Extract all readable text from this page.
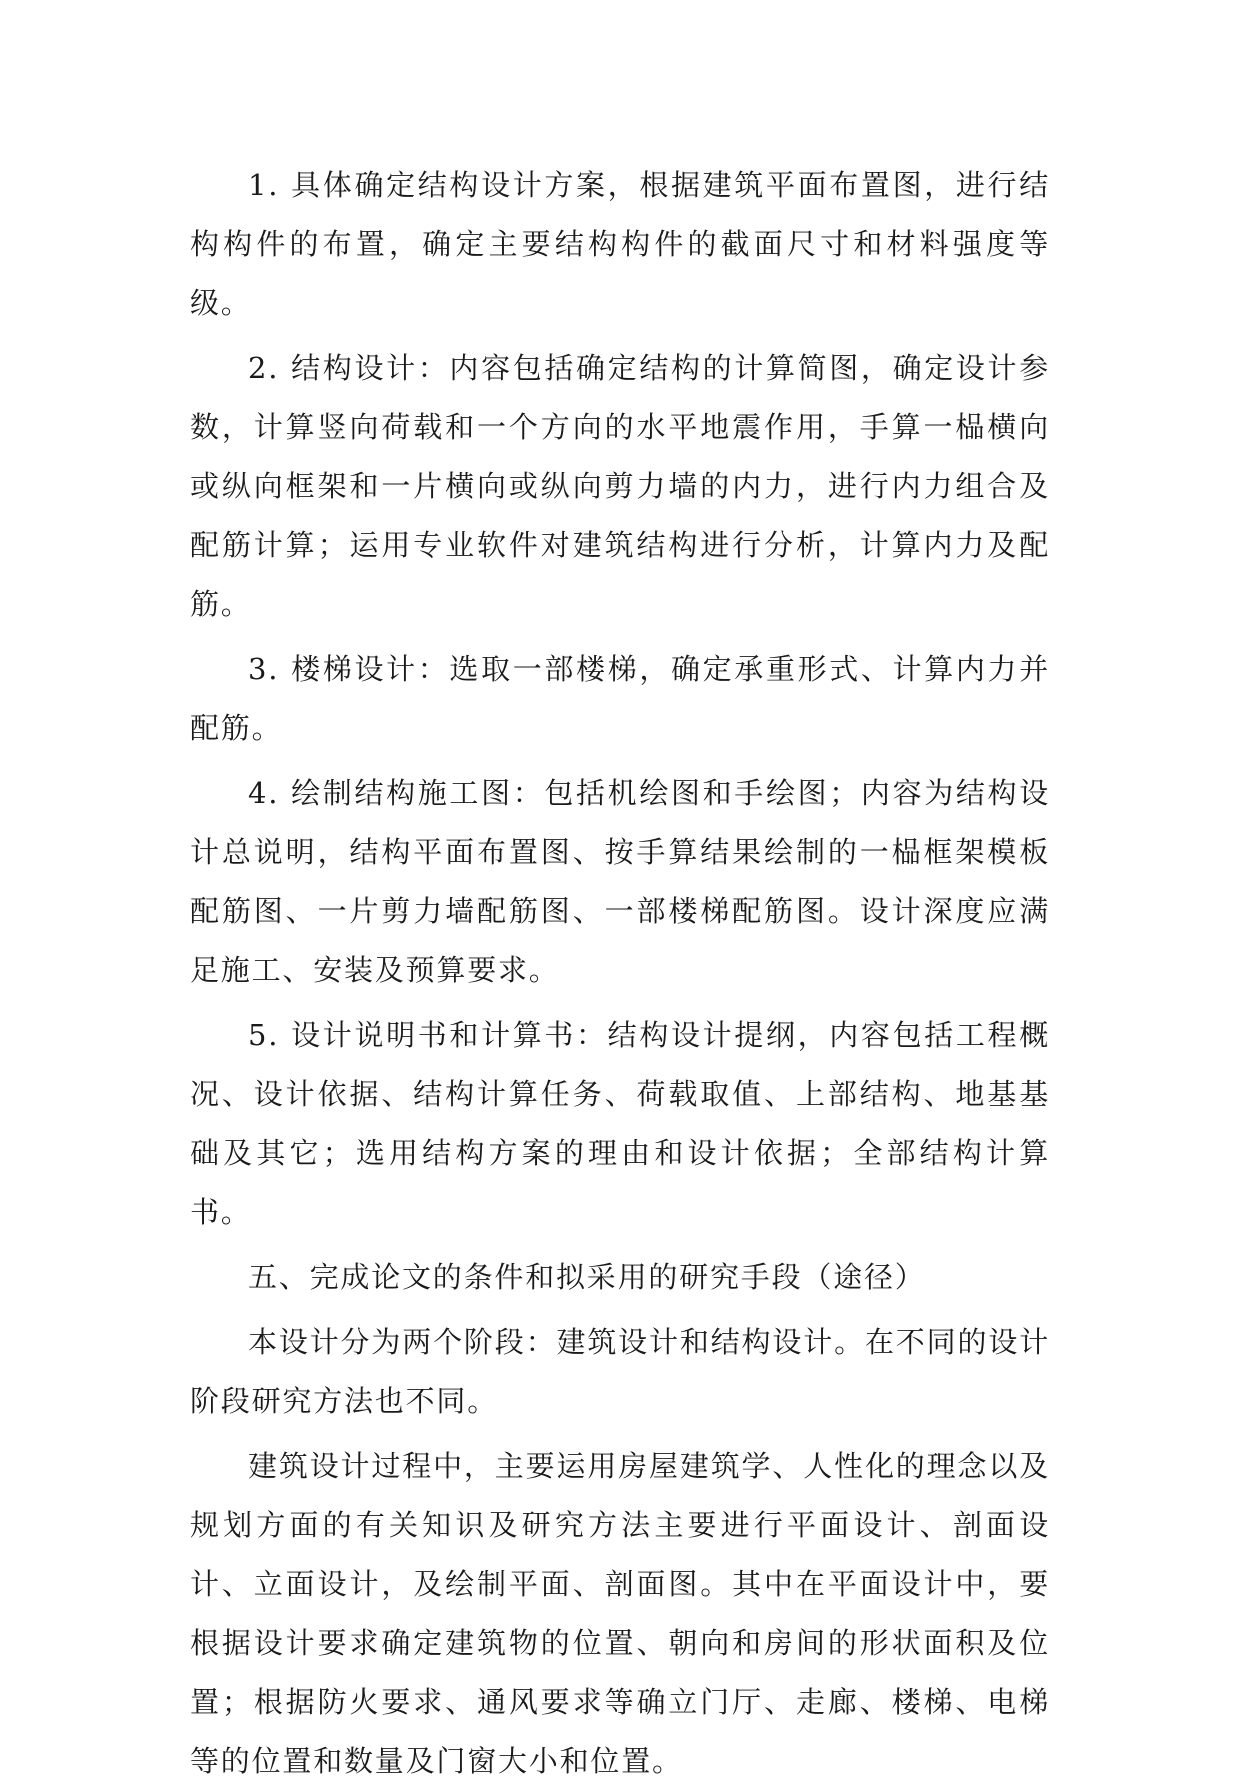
1. 具体确定结构设计方案，根据建筑平面布置图，进行结构构件的布置，确定主要结构构件的截面尺寸和材料强度等级。

2. 结构设计：内容包括确定结构的计算简图，确定设计参数，计算竖向荷载和一个方向的水平地震作用，手算一榀横向或纵向框架和一片横向或纵向剪力墙的内力，进行内力组合及配筋计算；运用专业软件对建筑结构进行分析，计算内力及配筋。

3. 楼梯设计：选取一部楼梯，确定承重形式、计算内力并配筋。

4. 绘制结构施工图：包括机绘图和手绘图；内容为结构设计总说明，结构平面布置图、按手算结果绘制的一榀框架模板配筋图、一片剪力墙配筋图、一部楼梯配筋图。设计深度应满足施工、安装及预算要求。

5. 设计说明书和计算书：结构设计提纲，内容包括工程概况、设计依据、结构计算任务、荷载取值、上部结构、地基基础及其它；选用结构方案的理由和设计依据；全部结构计算书。

五、完成论文的条件和拟采用的研究手段（途径）

本设计分为两个阶段：建筑设计和结构设计。在不同的设计阶段研究方法也不同。

建筑设计过程中，主要运用房屋建筑学、人性化的理念以及规划方面的有关知识及研究方法主要进行平面设计、剖面设计、立面设计，及绘制平面、剖面图。其中在平面设计中，要根据设计要求确定建筑物的位置、朝向和房间的形状面积及位置；根据防火要求、通风要求等确立门厅、走廊、楼梯、电梯等的位置和数量及门窗大小和位置。
